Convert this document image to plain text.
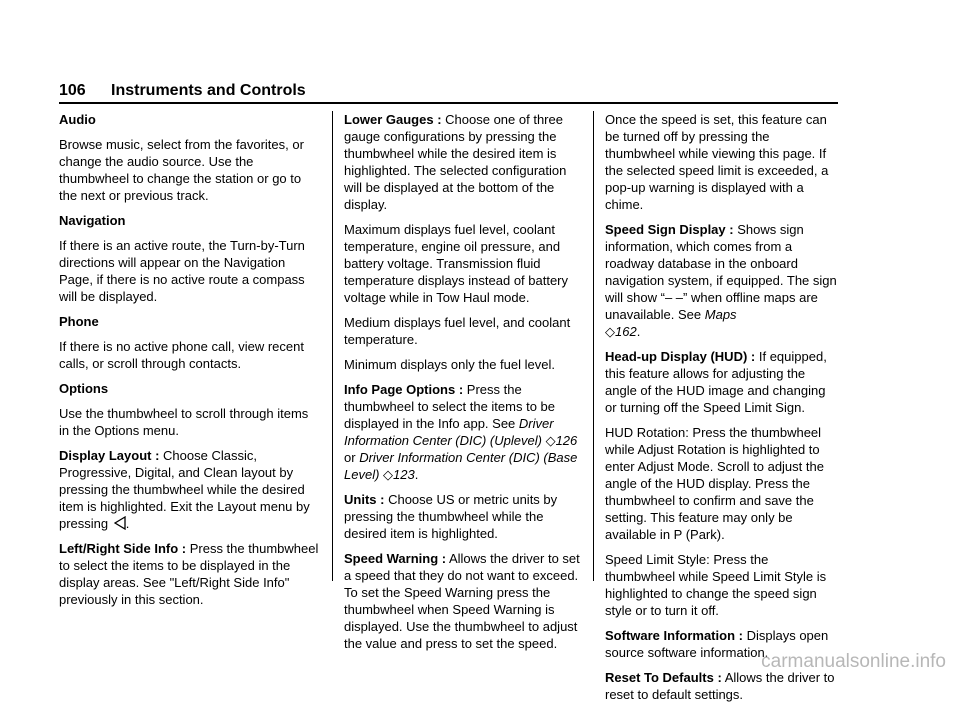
106 Instruments and Controls

Audio

Browse music, select from the favorites, or change the audio source. Use the thumbwheel to change the station or go to the next or previous track.

Navigation

If there is an active route, the Turn-by-Turn directions will appear on the Navigation Page, if there is no active route a compass will be displayed.

Phone

If there is no active phone call, view recent calls, or scroll through contacts.

Options

Use the thumbwheel to scroll through items in the Options menu.

Display Layout : Choose Classic, Progressive, Digital, and Clean layout by pressing the thumbwheel while the desired item is highlighted. Exit the Layout menu by pressing .

Left/Right Side Info : Press the thumbwheel to select the items to be displayed in the display areas. See "Left/Right Side Info" previously in this section.

Lower Gauges : Choose one of three gauge configurations by pressing the thumbwheel while the desired item is highlighted. The selected configuration will be displayed at the bottom of the display.

Maximum displays fuel level, coolant temperature, engine oil pressure, and battery voltage. Transmission fluid temperature displays instead of battery voltage while in Tow Haul mode.

Medium displays fuel level, and coolant temperature.

Minimum displays only the fuel level.

Info Page Options : Press the thumbwheel to select the items to be displayed in the Info app. See Driver Information Center (DIC) (Uplevel) ◇126 or Driver Information Center (DIC) (Base Level) ◇123.

Units : Choose US or metric units by pressing the thumbwheel while the desired item is highlighted.

Speed Warning : Allows the driver to set a speed that they do not want to exceed. To set the Speed Warning press the thumbwheel when Speed Warning is displayed. Use the thumbwheel to adjust the value and press to set the speed.

Once the speed is set, this feature can be turned off by pressing the thumbwheel while viewing this page. If the selected speed limit is exceeded, a pop-up warning is displayed with a chime.

Speed Sign Display : Shows sign information, which comes from a roadway database in the onboard navigation system, if equipped. The sign will show “– –” when offline maps are unavailable. See Maps
◇162.

Head-up Display (HUD) : If equipped, this feature allows for adjusting the angle of the HUD image and changing or turning off the Speed Limit Sign.

HUD Rotation: Press the thumbwheel while Adjust Rotation is highlighted to enter Adjust Mode. Scroll to adjust the angle of the HUD display. Press the thumbwheel to confirm and save the setting. This feature may only be available in P (Park).

Speed Limit Style: Press the thumbwheel while Speed Limit Style is highlighted to change the speed sign style or to turn it off.

Software Information : Displays open source software information.

Reset To Defaults : Allows the driver to reset to default settings.

carmanualsonline.info
